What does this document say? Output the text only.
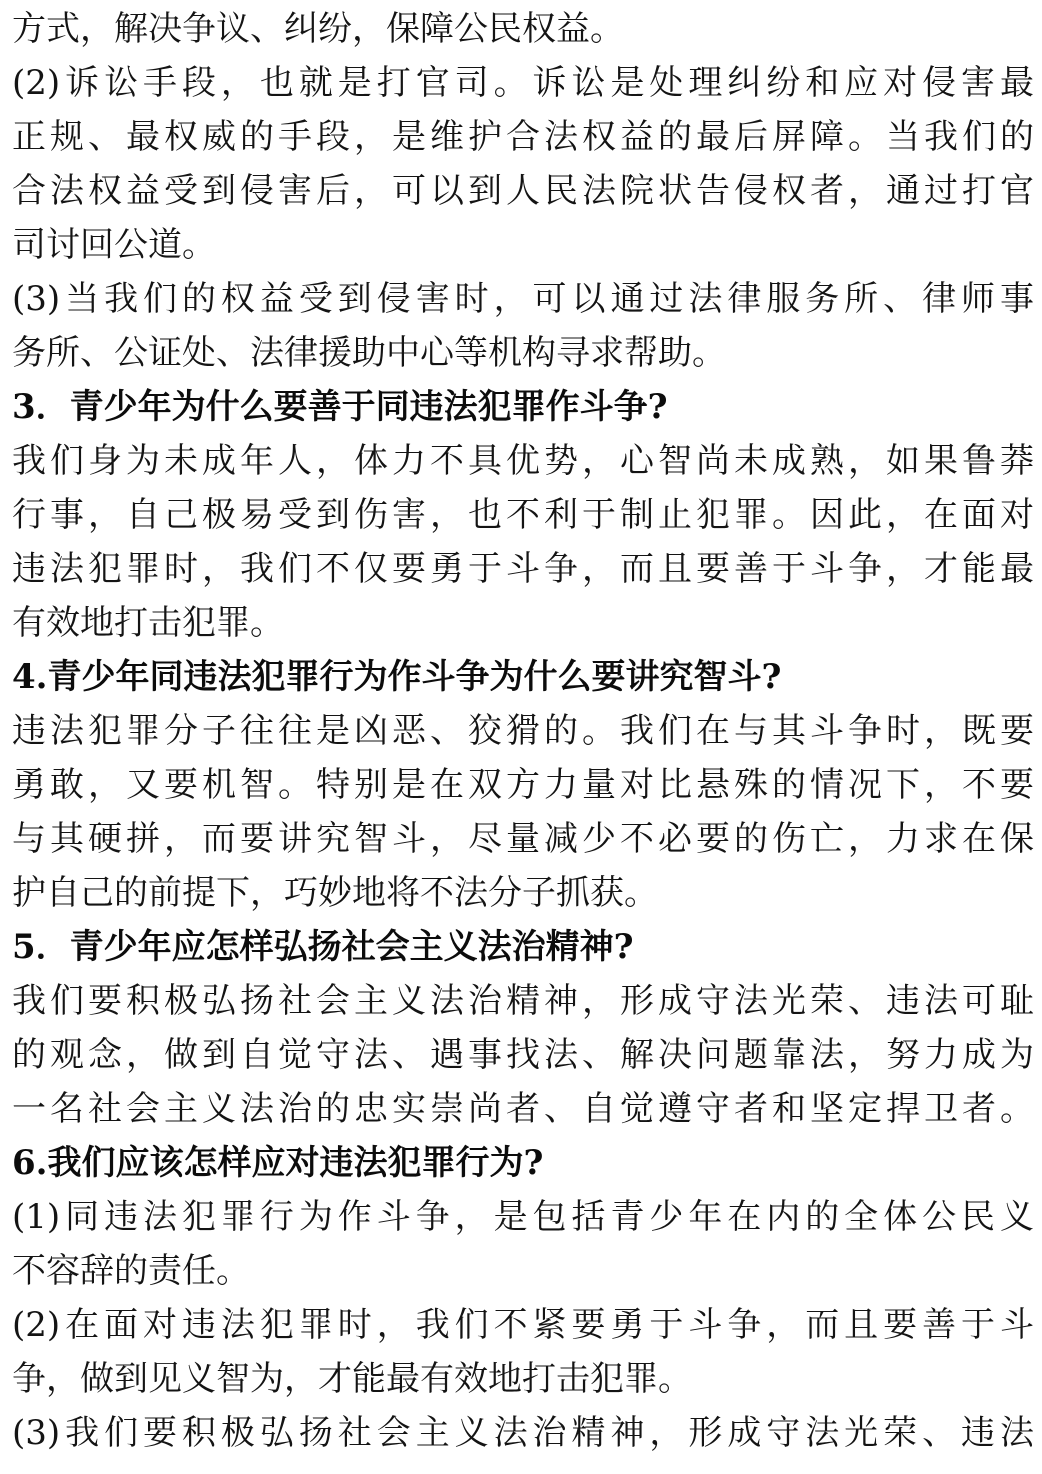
方式，解决争议、纠纷，保障公民权益。
(2)诉讼手段，也就是打官司。诉讼是处理纠纷和应对侵害最
正规、最权威的手段，是维护合法权益的最后屏障。当我们的
合法权益受到侵害后，可以到人民法院状告侵权者，通过打官
司讨回公道。
(3)当我们的权益受到侵害时，可以通过法律服务所、律师事
务所、公证处、法律援助中心等机构寻求帮助。
3．青少年为什么要善于同违法犯罪作斗争?
我们身为未成年人，体力不具优势，心智尚未成熟，如果鲁莽
行事，自己极易受到伤害，也不利于制止犯罪。因此，在面对
违法犯罪时，我们不仅要勇于斗争，而且要善于斗争，才能最
有效地打击犯罪。
4.青少年同违法犯罪行为作斗争为什么要讲究智斗?
违法犯罪分子往往是凶恶、狡猾的。我们在与其斗争时，既要
勇敢，又要机智。特别是在双方力量对比悬殊的情况下，不要
与其硬拼，而要讲究智斗，尽量减少不必要的伤亡，力求在保
护自己的前提下，巧妙地将不法分子抓获。
5．青少年应怎样弘扬社会主义法治精神?
我们要积极弘扬社会主义法治精神，形成守法光荣、违法可耻
的观念，做到自觉守法、遇事找法、解决问题靠法，努力成为
一名社会主义法治的忠实崇尚者、自觉遵守者和坚定捍卫者。
6.我们应该怎样应对违法犯罪行为?
(1)同违法犯罪行为作斗争，是包括青少年在内的全体公民义
不容辞的责任。
(2)在面对违法犯罪时，我们不紧要勇于斗争，而且要善于斗
争，做到见义智为，才能最有效地打击犯罪。
(3)我们要积极弘扬社会主义法治精神，形成守法光荣、违法
